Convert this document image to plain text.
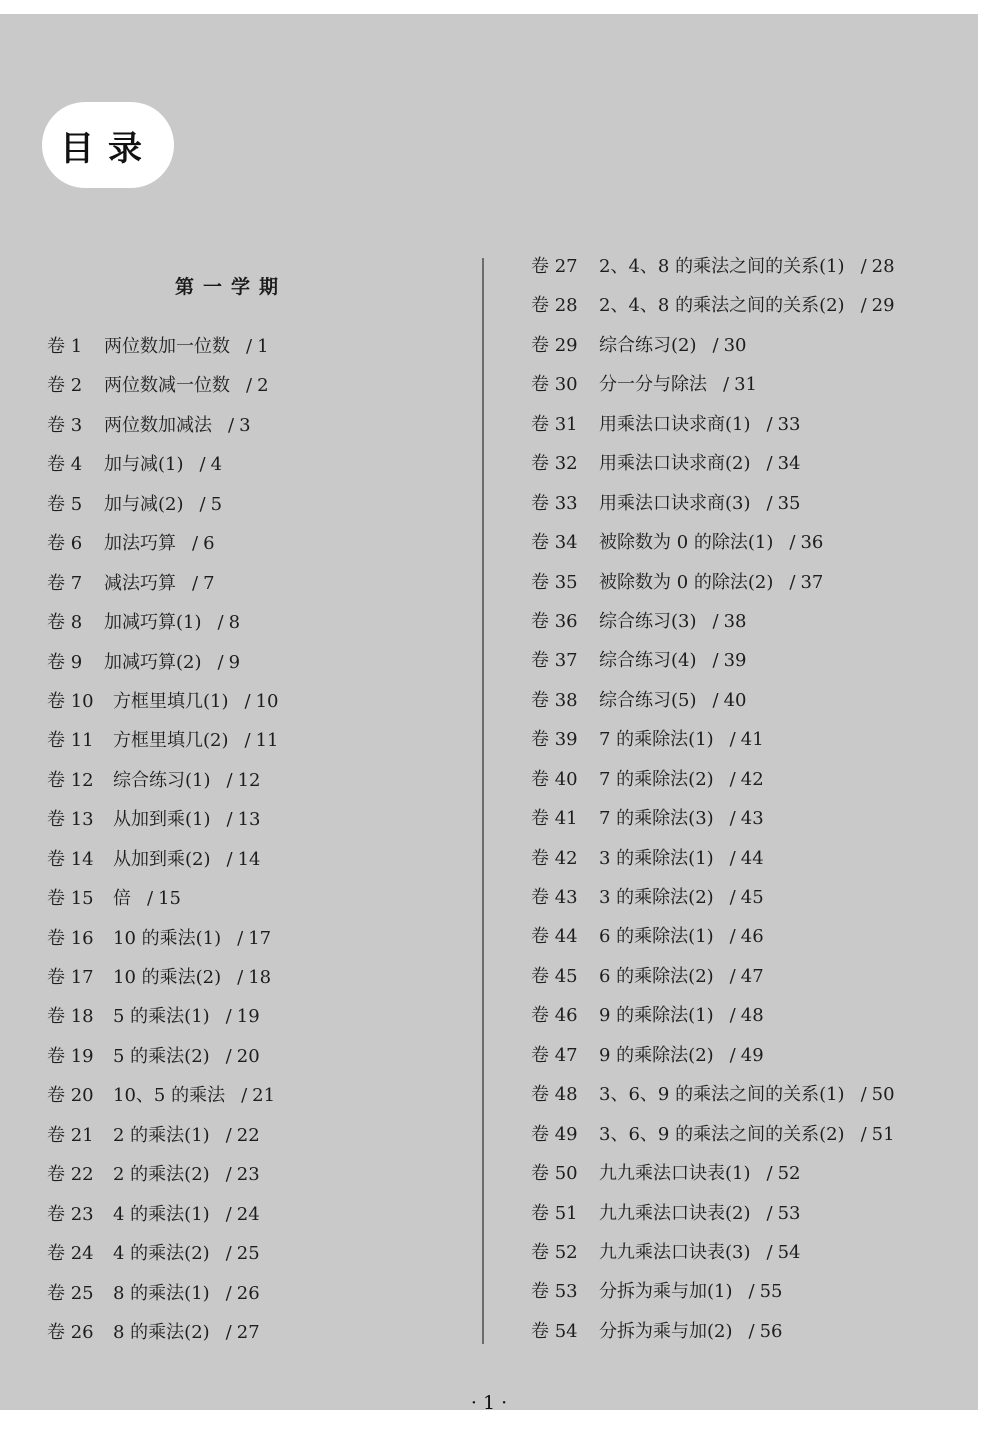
目录
第一学期
卷 1 两位数加一位数 / 1
卷 2 两位数减一位数 / 2
卷 3 两位数加减法 / 3
卷 4 加与减(1) / 4
卷 5 加与减(2) / 5
卷 6 加法巧算 / 6
卷 7 减法巧算 / 7
卷 8 加减巧算(1) / 8
卷 9 加减巧算(2) / 9
卷 10 方框里填几(1) / 10
卷 11 方框里填几(2) / 11
卷 12 综合练习(1) / 12
卷 13 从加到乘(1) / 13
卷 14 从加到乘(2) / 14
卷 15 倍 / 15
卷 16 10 的乘法(1) / 17
卷 17 10 的乘法(2) / 18
卷 18 5 的乘法(1) / 19
卷 19 5 的乘法(2) / 20
卷 20 10、5 的乘法 / 21
卷 21 2 的乘法(1) / 22
卷 22 2 的乘法(2) / 23
卷 23 4 的乘法(1) / 24
卷 24 4 的乘法(2) / 25
卷 25 8 的乘法(1) / 26
卷 26 8 的乘法(2) / 27
卷 27 2、4、8 的乘法之间的关系(1) / 28
卷 28 2、4、8 的乘法之间的关系(2) / 29
卷 29 综合练习(2) / 30
卷 30 分一分与除法 / 31
卷 31 用乘法口诀求商(1) / 33
卷 32 用乘法口诀求商(2) / 34
卷 33 用乘法口诀求商(3) / 35
卷 34 被除数为 0 的除法(1) / 36
卷 35 被除数为 0 的除法(2) / 37
卷 36 综合练习(3) / 38
卷 37 综合练习(4) / 39
卷 38 综合练习(5) / 40
卷 39 7 的乘除法(1) / 41
卷 40 7 的乘除法(2) / 42
卷 41 7 的乘除法(3) / 43
卷 42 3 的乘除法(1) / 44
卷 43 3 的乘除法(2) / 45
卷 44 6 的乘除法(1) / 46
卷 45 6 的乘除法(2) / 47
卷 46 9 的乘除法(1) / 48
卷 47 9 的乘除法(2) / 49
卷 48 3、6、9 的乘法之间的关系(1) / 50
卷 49 3、6、9 的乘法之间的关系(2) / 51
卷 50 九九乘法口诀表(1) / 52
卷 51 九九乘法口诀表(2) / 53
卷 52 九九乘法口诀表(3) / 54
卷 53 分拆为乘与加(1) / 55
卷 54 分拆为乘与加(2) / 56
· 1 ·
